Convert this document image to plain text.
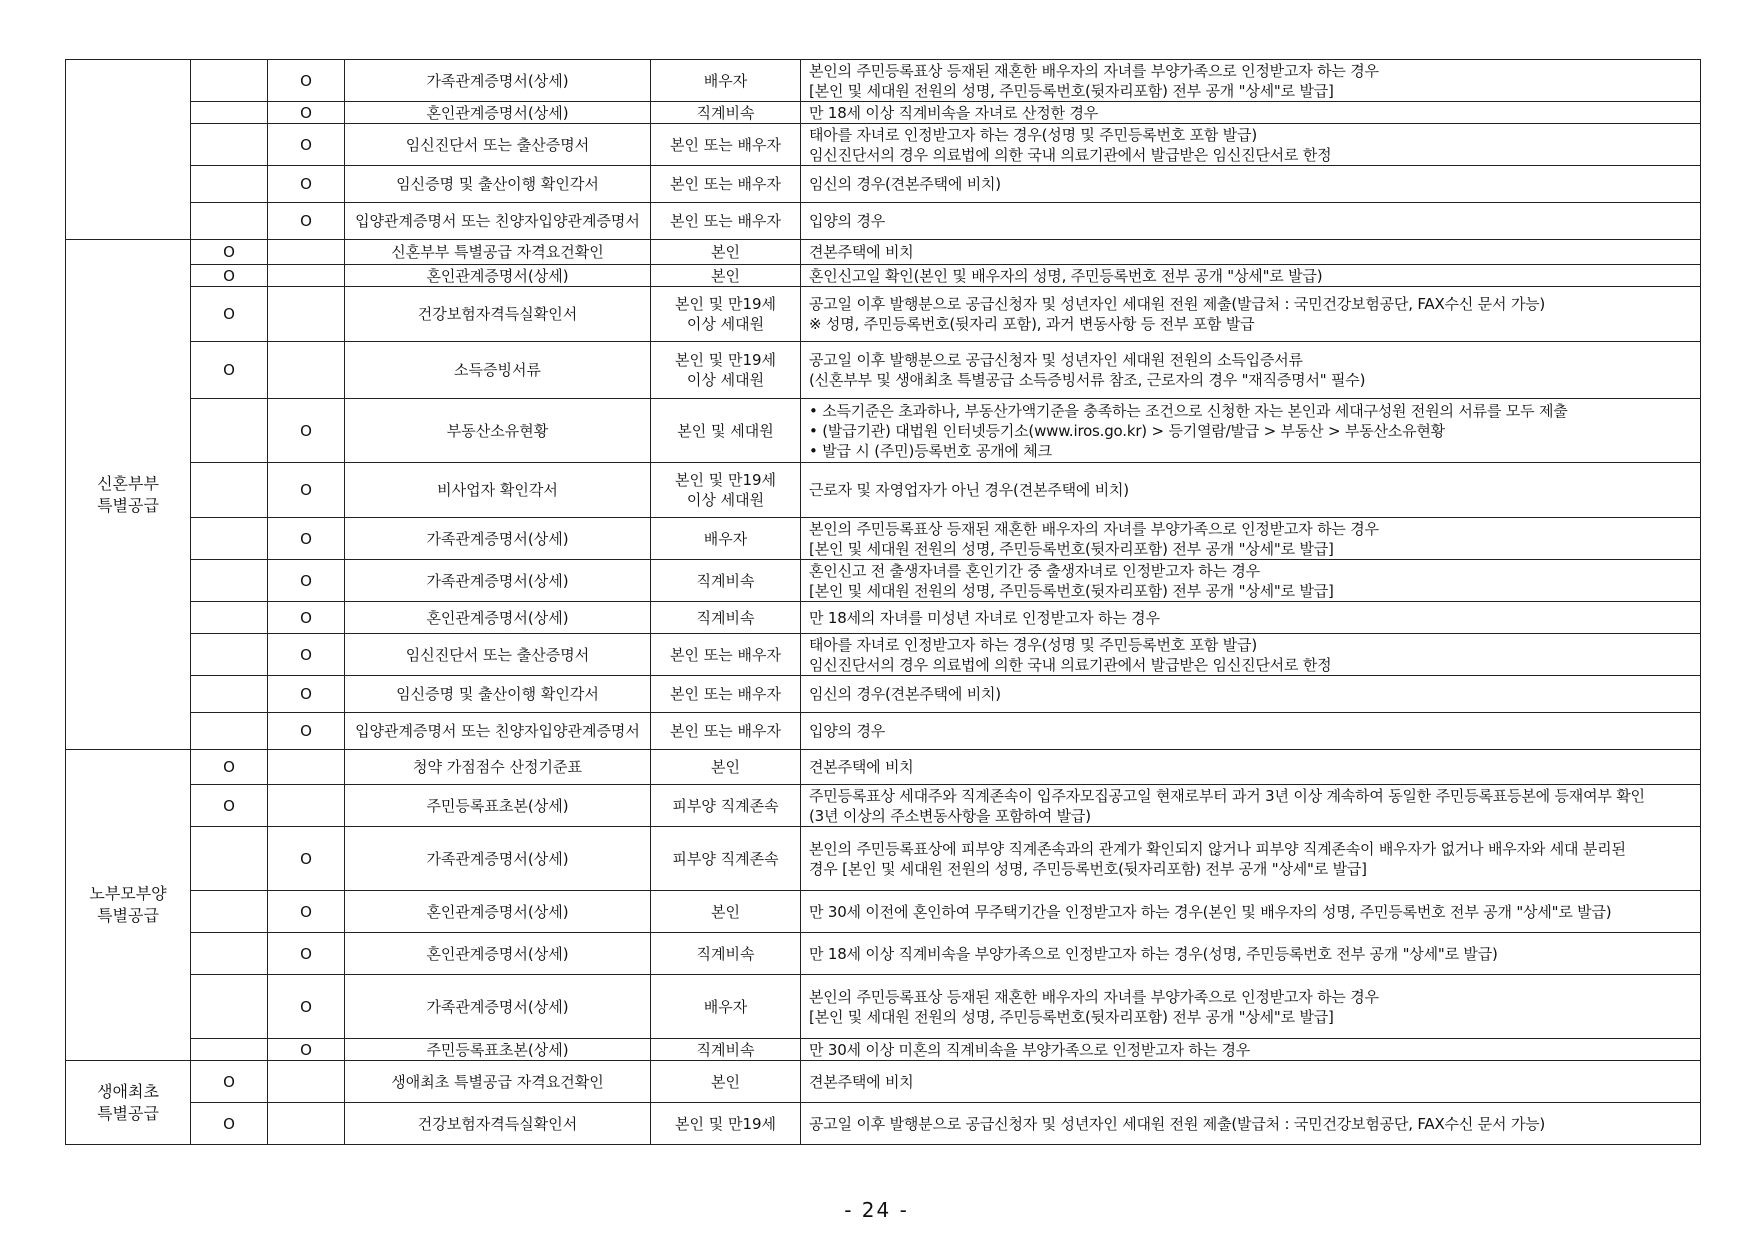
		O	가족관계증명서(상세)	배우자	본인의 주민등록표상 등재된 재혼한 배우자의 자녀를 부양가족으로 인정받고자 하는 경우
[본인 및 세대원 전원의 성명, 주민등록번호(뒷자리포함) 전부 공개 "상세"로 발급]

		O	혼인관계증명서(상세)	직계비속	만 18세 이상 직계비속을 자녀로 산정한 경우

		O	임신진단서 또는 출산증명서	본인 또는 배우자	태아를 자녀로 인정받고자 하는 경우(성명 및 주민등록번호 포함 발급)
임신진단서의 경우 의료법에 의한 국내 의료기관에서 발급받은 임신진단서로 한정

		O	임신증명 및 출산이행 확인각서	본인 또는 배우자	임신의 경우(견본주택에 비치)

		O	입양관계증명서 또는 친양자입양관계증명서	본인 또는 배우자	입양의 경우

신혼부부
특별공급	O		신혼부부 특별공급 자격요건확인	본인	견본주택에 비치

	O		혼인관계증명서(상세)	본인	혼인신고일 확인(본인 및 배우자의 성명, 주민등록번호 전부 공개 "상세"로 발급)

	O		건강보험자격득실확인서	본인 및 만19세
이상 세대원	공고일 이후 발행분으로 공급신청자 및 성년자인 세대원 전원 제출(발급처 : 국민건강보험공단, FAX수신 문서 가능)
※ 성명, 주민등록번호(뒷자리 포함), 과거 변동사항 등 전부 포함 발급

	O		소득증빙서류	본인 및 만19세
이상 세대원	공고일 이후 발행분으로 공급신청자 및 성년자인 세대원 전원의 소득입증서류
(신혼부부 및 생애최초 특별공급 소득증빙서류 참조, 근로자의 경우 "재직증명서" 필수)

		O	부동산소유현황	본인 및 세대원	• 소득기준은 초과하나, 부동산가액기준을 충족하는 조건으로 신청한 자는 본인과 세대구성원 전원의 서류를 모두 제출
• (발급기관) 대법원 인터넷등기소(www.iros.go.kr) > 등기열람/발급 > 부동산 > 부동산소유현황
• 발급 시 (주민)등록번호 공개에 체크

		O	비사업자 확인각서	본인 및 만19세
이상 세대원	근로자 및 자영업자가 아닌 경우(견본주택에 비치)

		O	가족관계증명서(상세)	배우자	본인의 주민등록표상 등재된 재혼한 배우자의 자녀를 부양가족으로 인정받고자 하는 경우
[본인 및 세대원 전원의 성명, 주민등록번호(뒷자리포함) 전부 공개 "상세"로 발급]

		O	가족관계증명서(상세)	직계비속	혼인신고 전 출생자녀를 혼인기간 중 출생자녀로 인정받고자 하는 경우
[본인 및 세대원 전원의 성명, 주민등록번호(뒷자리포함) 전부 공개 "상세"로 발급]

		O	혼인관계증명서(상세)	직계비속	만 18세의 자녀를 미성년 자녀로 인정받고자 하는 경우

		O	임신진단서 또는 출산증명서	본인 또는 배우자	태아를 자녀로 인정받고자 하는 경우(성명 및 주민등록번호 포함 발급)
임신진단서의 경우 의료법에 의한 국내 의료기관에서 발급받은 임신진단서로 한정

		O	임신증명 및 출산이행 확인각서	본인 또는 배우자	임신의 경우(견본주택에 비치)

		O	입양관계증명서 또는 친양자입양관계증명서	본인 또는 배우자	입양의 경우

노부모부양
특별공급	O		청약 가점점수 산정기준표	본인	견본주택에 비치

	O		주민등록표초본(상세)	피부양 직계존속	주민등록표상 세대주와 직계존속이 입주자모집공고일 현재로부터 과거 3년 이상 계속하여 동일한 주민등록표등본에 등재여부 확인
(3년 이상의 주소변동사항을 포함하여 발급)

		O	가족관계증명서(상세)	피부양 직계존속	본인의 주민등록표상에 피부양 직계존속과의 관계가 확인되지 않거나 피부양 직계존속이 배우자가 없거나 배우자와 세대 분리된
경우 [본인 및 세대원 전원의 성명, 주민등록번호(뒷자리포함) 전부 공개 "상세"로 발급]

		O	혼인관계증명서(상세)	본인	만 30세 이전에 혼인하여 무주택기간을 인정받고자 하는 경우(본인 및 배우자의 성명, 주민등록번호 전부 공개 "상세"로 발급)

		O	혼인관계증명서(상세)	직계비속	만 18세 이상 직계비속을 부양가족으로 인정받고자 하는 경우(성명, 주민등록번호 전부 공개 "상세"로 발급)

		O	가족관계증명서(상세)	배우자	본인의 주민등록표상 등재된 재혼한 배우자의 자녀를 부양가족으로 인정받고자 하는 경우
[본인 및 세대원 전원의 성명, 주민등록번호(뒷자리포함) 전부 공개 "상세"로 발급]

		O	주민등록표초본(상세)	직계비속	만 30세 이상 미혼의 직계비속을 부양가족으로 인정받고자 하는 경우

생애최초
특별공급	O		생애최초 특별공급 자격요건확인	본인	견본주택에 비치

	O		건강보험자격득실확인서	본인 및 만19세	공고일 이후 발행분으로 공급신청자 및 성년자인 세대원 전원 제출(발급처 : 국민건강보험공단, FAX수신 문서 가능)
- 24 -
